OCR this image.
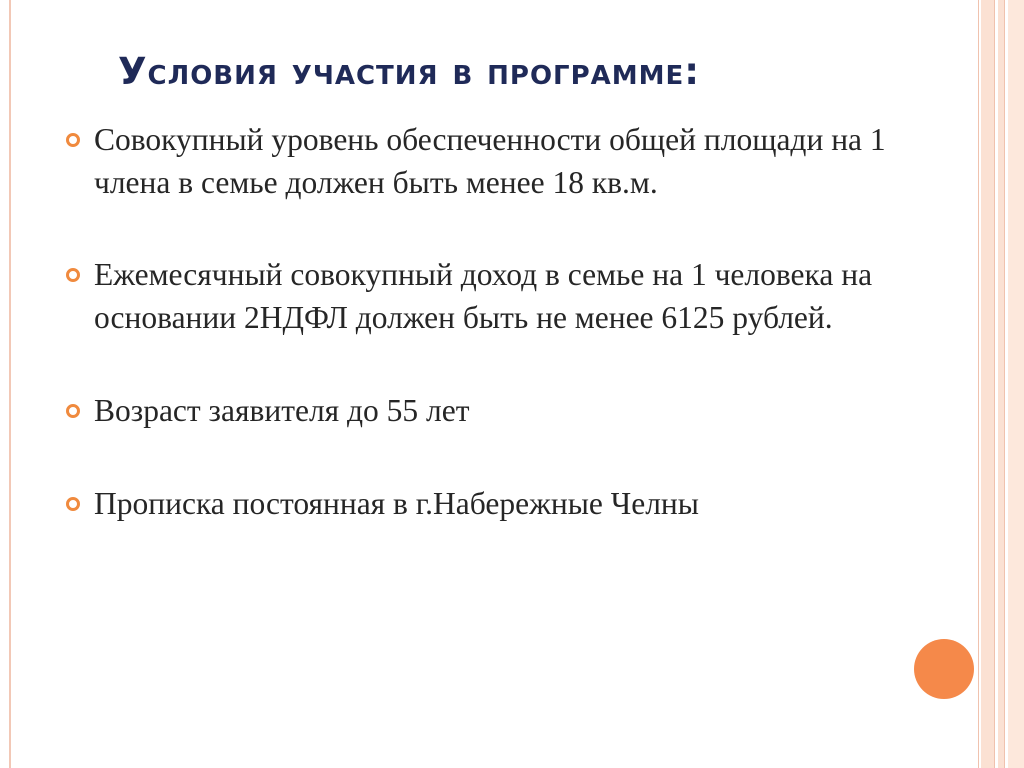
Условия участия в программе:
Совокупный уровень обеспеченности общей площади на 1 члена в семье должен быть менее 18 кв.м.
Ежемесячный совокупный доход в семье на 1 человека на основании 2НДФЛ должен быть не менее 6125 рублей.
Возраст заявителя до 55 лет
Прописка постоянная в г.Набережные Челны
